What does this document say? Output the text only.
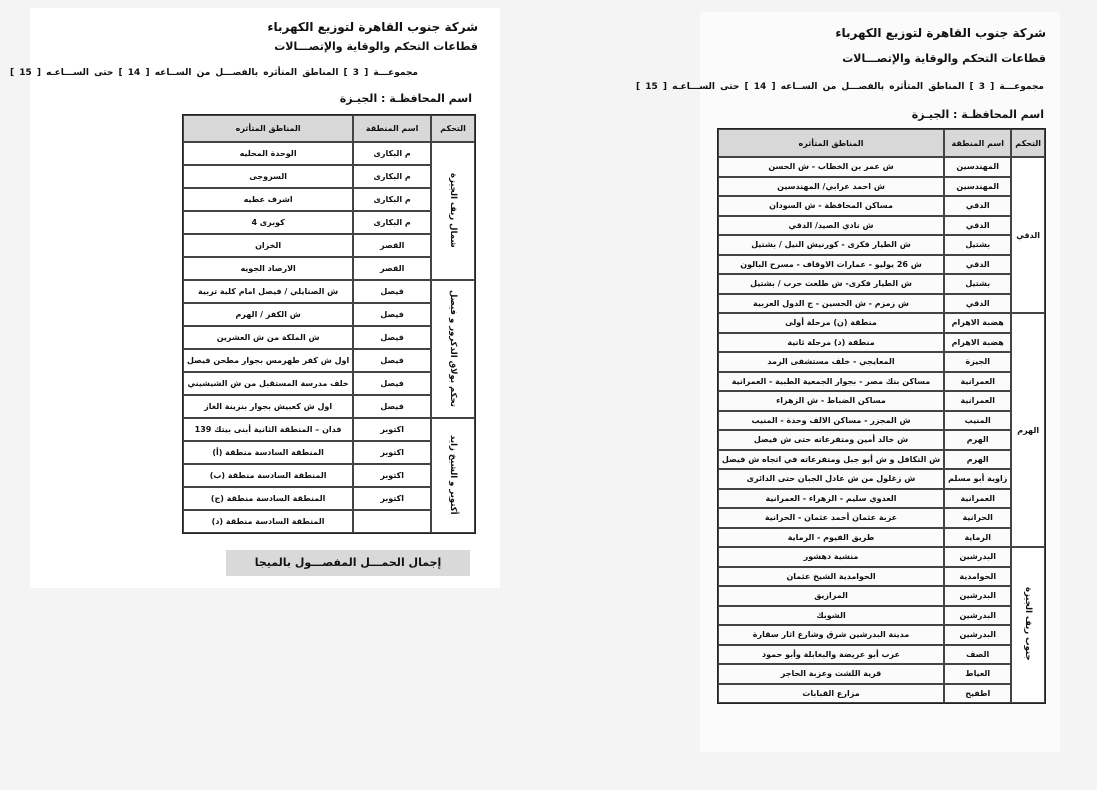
شركة جنوب القاهرة لتوزيع الكهرباء
قطاعات التحكم والوقاية والإتصـــالات
مجموعـــة [ 3 ] المناطق المتأثره بالفصـــل من الســاعه [ 14 ] حتى الســـاعـه [ 15 ]
اسم المحافظـة : الجيـزة
التحكم	اسم المنطقة	المناطق المتأثره
شمال ريف الجيزة	م البكارى	الوحدة المحليه
	م البكارى	السروجى
	م البكارى	اشرف عطيه
	م البكارى	كوبرى 4
	القصر	الخزان
	القصر	الارصاد الجويه
تحكم بولاق الدكرور و فيصل	فيصل	ش الصنايلي / فيصل امام كلية تربية
	فيصل	ش الكفر / الهرم
	فيصل	ش الملكة من ش العشرين
	فيصل	اول ش كفر طهرمس بجوار مطحن فيصل
	فيصل	خلف مدرسة المستقبل من ش الشيشيني
	فيصل	اول ش كعبيش بجوار بنزينة الغاز
أكتوبر و الشيخ زايد	اكتوبر	فدان – المنطقة الثانية أبنى بيتك 139
	اكتوبر	المنطقة السادسة منطقة (أ)
	اكتوبر	المنطقة السادسة منطقة (ب)
	اكتوبر	المنطقة السادسة منطقة (ج)
		المنطقة السادسة منطقة (د)
إجمال الحمـــل المفصـــول بالميجا
شركة جنوب القاهرة لتوزيع الكهرباء
قطاعات التحكم والوقاية والإتصـــالات
مجموعـــة [ 3 ] المناطق المتأثره بالفصـــل من الســاعه [ 14 ] حتى الســـاعـه [ 15 ]
اسم المحافظـة : الجيـزة
التحكم	اسم المنطقة	المناطق المتأثره
الدقي	المهندسين	ش عمر بن الخطاب - ش الحسن
	المهندسين	ش احمد عرابي/ المهندسين
	الدقي	مساكن المحافظة - ش السودان
	الدقي	ش نادي الصيد/ الدقي
	بشتيل	ش الطيار فكرى - كورنيش النيل / بشتيل
	الدقي	ش 26 يوليو - عمارات الاوقاف - مسرح البالون
	بشتيل	ش الطيار فكرى- ش طلعت حرب / بشتيل
	الدقي	ش زمزم - ش الحسين - ج الدول العربية
الهرم	هضبة الاهرام	منطقة (ن) مرحلة أولى
	هضبة الاهرام	منطقة (د) مرحلة ثانية
	الجيزة	المعايجي - خلف مستشفى الرمد
	العمرانية	مساكن بنك مصر - بجوار الجمعية الطبية - العمرانية
	العمرانية	مساكن الضباط - ش الزهراء
	المنيب	ش المجزر - مساكن الالف وحدة - المنيب
	الهرم	ش خالد أمين ومتفرعاته حتى ش فيصل
	الهرم	ش التكافل و ش أبو جبل ومتفرعاته في اتجاه ش فيصل
	زاوية أبو مسلم	ش زغلول من ش عادل الجبان حتى الدائرى
	العمرانية	العدوي سليم - الزهراء - العمرانية
	الحرانية	عزبة عثمان أحمد عثمان - الحرانية
	الرماية	طريق الفيوم - الرماية
جنوب ريف الجيزة	البدرشين	منشية دهشور
	الحوامدية	الحوامدية الشيخ عثمان
	البدرشين	المرازيق
	البدرشين	الشوبك
	البدرشين	مدينة البدرشين شرق وشارع اثار سقارة
	الصف	عرب أبو عريضة والبغابلة وأبو حمود
	العياط	قرية اللشت وعزبة الحاجر
	اطفيح	مزارع القبابات
